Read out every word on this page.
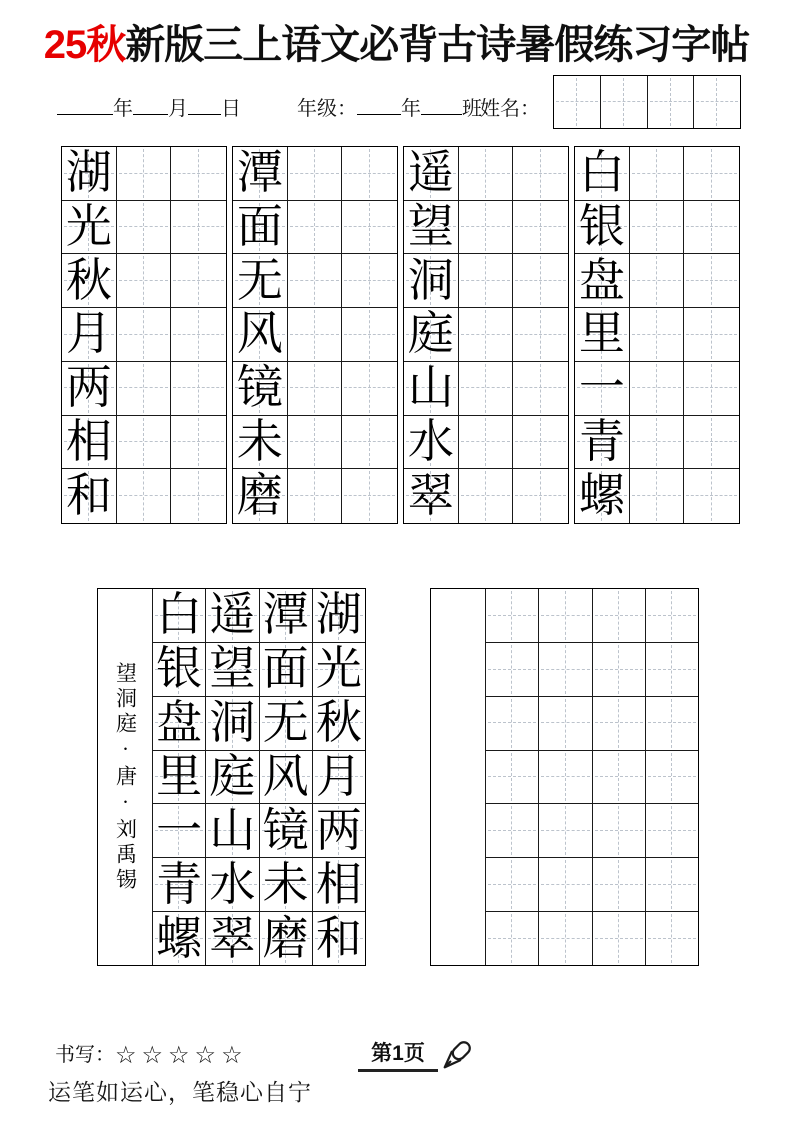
25秋新版三上语文必背古诗暑假练习字帖
年 月 日	年级： 年 班
姓名：
湖
光
秋
月
两
相
和
潭
面
无
风
镜
未
磨
遥
望
洞
庭
山
水
翠
白
银
盘
里
一
青
螺
望洞庭·唐·刘禹锡
白
银
盘
里
一
青
螺
遥
望
洞
庭
山
水
翠
潭
面
无
风
镜
未
磨
湖
光
秋
月
两
相
和
书写：☆☆☆☆☆	第1页
运笔如运心，笔稳心自宁
